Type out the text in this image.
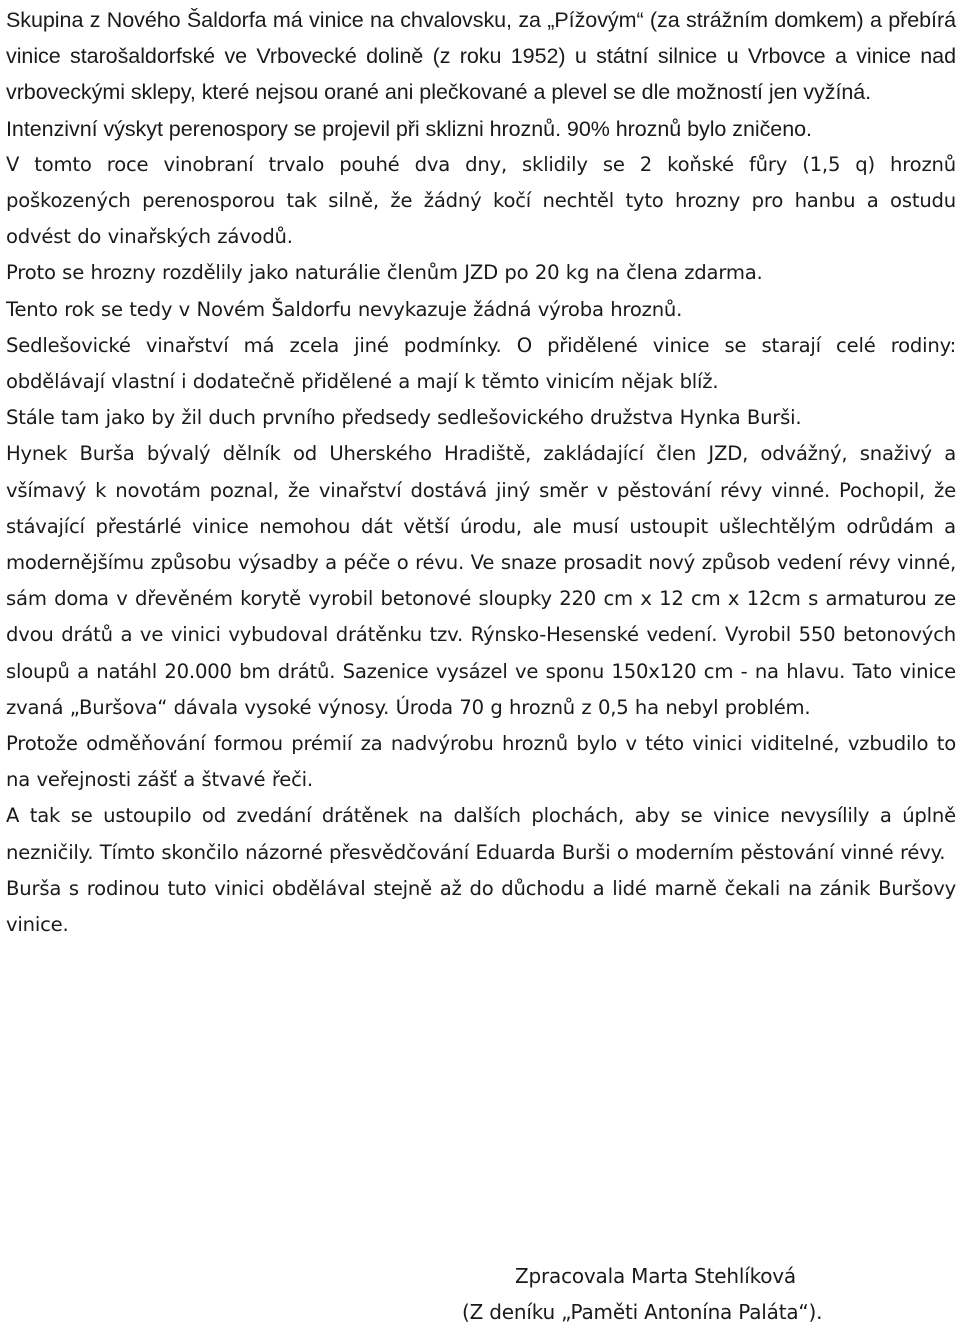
Skupina z Nového Šaldorfa má vinice na chvalovsku, za „Pížovým“ (za strážním domkem) a přebírá vinice starošaldorfské ve Vrbovecké dolině (z roku 1952) u státní silnice u Vrbovce a vinice nad vrboveckými sklepy, které nejsou orané ani plečkované a plevel se dle možností jen vyžíná.

Intenzivní výskyt perenospory se projevil při sklizni hroznů. 90% hroznů bylo zničeno.

V tomto roce vinobraní trvalo pouhé dva dny, sklidily se 2 koňské fůry (1,5 q) hroznů poškozených perenosporou tak silně, že žádný kočí nechtěl tyto hrozny pro hanbu a ostudu odvést do vinařských závodů.

Proto se hrozny rozdělily jako naturálie členům JZD po 20 kg na člena zdarma.

Tento rok se tedy v Novém Šaldorfu nevykazuje žádná výroba hroznů.

Sedlešovické vinařství má zcela jiné podmínky. O přidělené vinice se starají celé rodiny: obdělávají vlastní i dodatečně přidělené a mají k těmto vinicím nějak blíž.

Stále tam jako by žil duch prvního předsedy sedlešovického družstva Hynka Burši.

Hynek Burša bývalý dělník od Uherského Hradiště, zakládající člen JZD, odvážný, snaživý a všímavý k novotám poznal, že vinařství dostává jiný směr v pěstování révy vinné. Pochopil, že stávající přestárlé vinice nemohou dát větší úrodu, ale musí ustoupit ušlechtělým odrůdám a modernějšímu způsobu výsadby a péče o révu. Ve snaze prosadit nový způsob vedení révy vinné, sám doma v dřevěném korytě vyrobil betonové sloupky 220 cm x 12 cm x 12cm s armaturou ze dvou drátů a ve vinici vybudoval drátěnku tzv. Rýnsko-Hesenské vedení. Vyrobil 550 betonových sloupů a natáhl 20.000 bm drátů. Sazenice vysázel ve sponu 150x120 cm - na hlavu. Tato vinice zvaná „Buršova“ dávala vysoké výnosy. Úroda 70 g hroznů z 0,5 ha nebyl problém.

Protože odměňování formou prémií za nadvýrobu hroznů bylo v této vinici viditelné, vzbudilo to na veřejnosti zášť a štvavé řeči.

A tak se ustoupilo od zvedání drátěnek na dalších plochách, aby se vinice nevysílily a úplně nezničily. Tímto skončilo názorné přesvědčování Eduarda Burši o moderním pěstování vinné révy.

Burša s rodinou tuto vinici obdělával stejně až do důchodu a lidé marně čekali na zánik Buršovy vinice.

Zpracovala Marta Stehlíková
(Z deníku „Paměti Antonína Paláta“).
